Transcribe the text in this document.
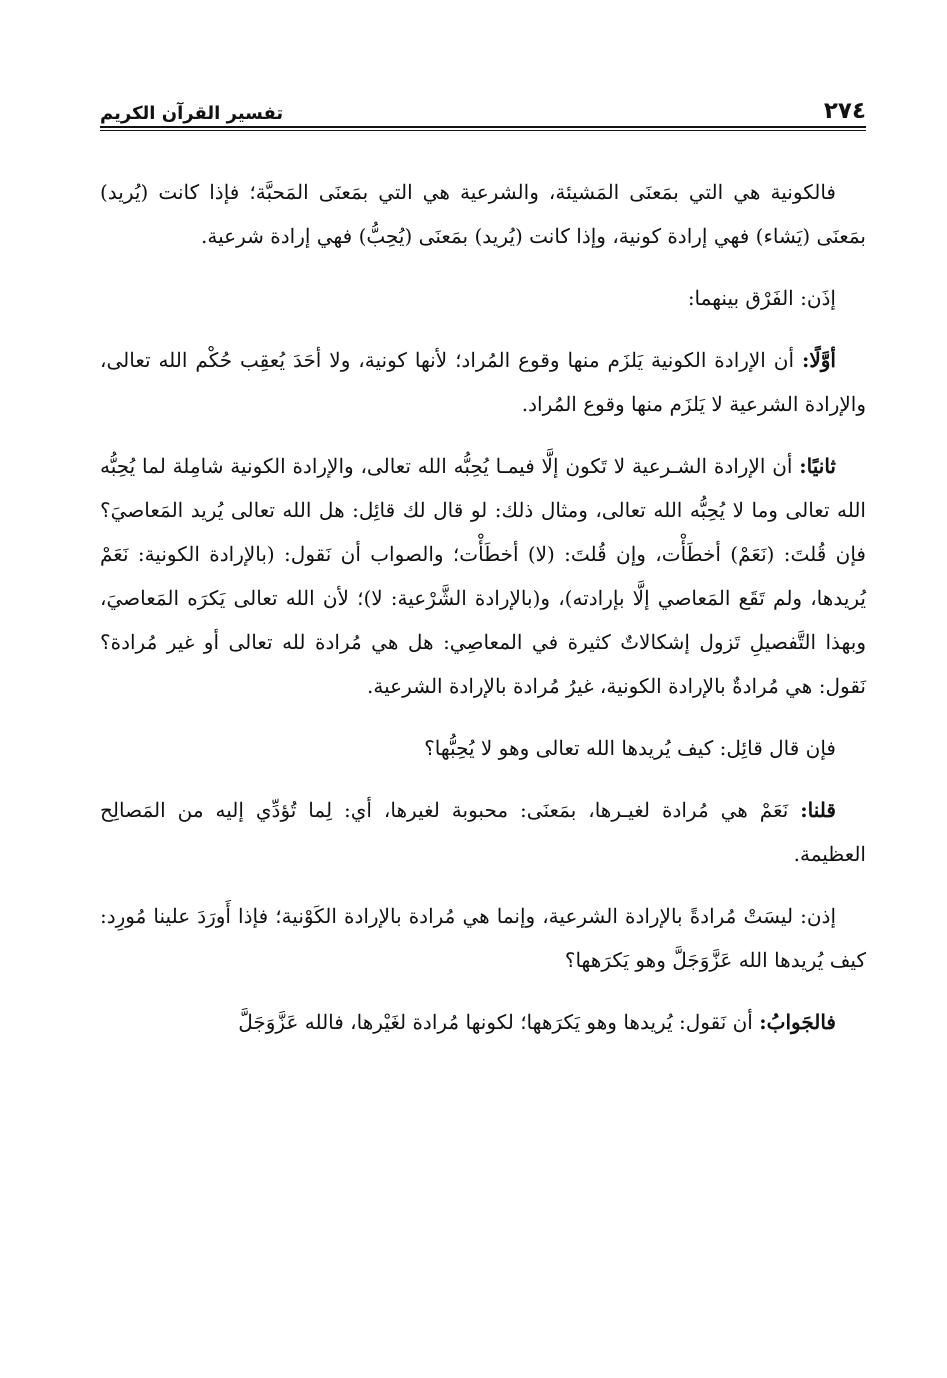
٢٧٤
تفسير القرآن الكريم

فالكونية هي التي بمَعنَى المَشيئة، والشرعية هي التي بمَعنَى المَحبَّة؛ فإذا كانت (يُريد) بمَعنَى (يَشاء) فهي إرادة كونية، وإذا كانت (يُريد) بمَعنَى (يُحِبُّ) فهي إرادة شرعية.

إذَن: الفَرْق بينهما:

أوَّلًا: أن الإرادة الكونية يَلزَم منها وقوع المُراد؛ لأنها كونية، ولا أحَدَ يُعقِب حُكْم الله تعالى، والإرادة الشرعية لا يَلزَم منها وقوع المُراد.

ثانيًا: أن الإرادة الشـرعية لا تَكون إلَّا فيمـا يُحِبُّه الله تعالى، والإرادة الكونية شامِلة لما يُحِبُّه الله تعالى وما لا يُحِبُّه الله تعالى، ومثال ذلك: لو قال لك قائِل: هل الله تعالى يُريد المَعاصيَ؟ فإن قُلتَ: (نَعَمْ) أخطَأْت، وإن قُلتَ: (لا) أخطَأْت؛ والصواب أن نَقول: (بالإرادة الكونية: نَعَمْ يُريدها، ولم تَقَع المَعاصي إلَّا بإرادته)، و(بالإرادة الشَّرْعية: لا)؛ لأن الله تعالى يَكرَه المَعاصيَ، وبهذا التَّفصيلِ تَزول إشكالاتٌ كثيرة في المعاصِي: هل هي مُرادة لله تعالى أو غير مُرادة؟ نَقول: هي مُرادةٌ بالإرادة الكونية، غيرُ مُرادة بالإرادة الشرعية.

فإن قال قائِل: كيف يُريدها الله تعالى وهو لا يُحِبُّها؟

قلنا: نَعَمْ هي مُرادة لغيـرها، بمَعنَى: محبوبة لغيرها، أي: لِما تُؤدِّي إليه من المَصالِح العظيمة.

إذن: ليسَتْ مُرادةً بالإرادة الشرعية، وإنما هي مُرادة بالإرادة الكَوْنية؛ فإذا أَورَدَ علينا مُورِد: كيف يُريدها الله عَزَّوَجَلَّ وهو يَكرَهها؟

فالجَوابُ: أن نَقول: يُريدها وهو يَكرَهها؛ لكونها مُرادة لغَيْرها، فالله عَزَّوَجَلَّ
